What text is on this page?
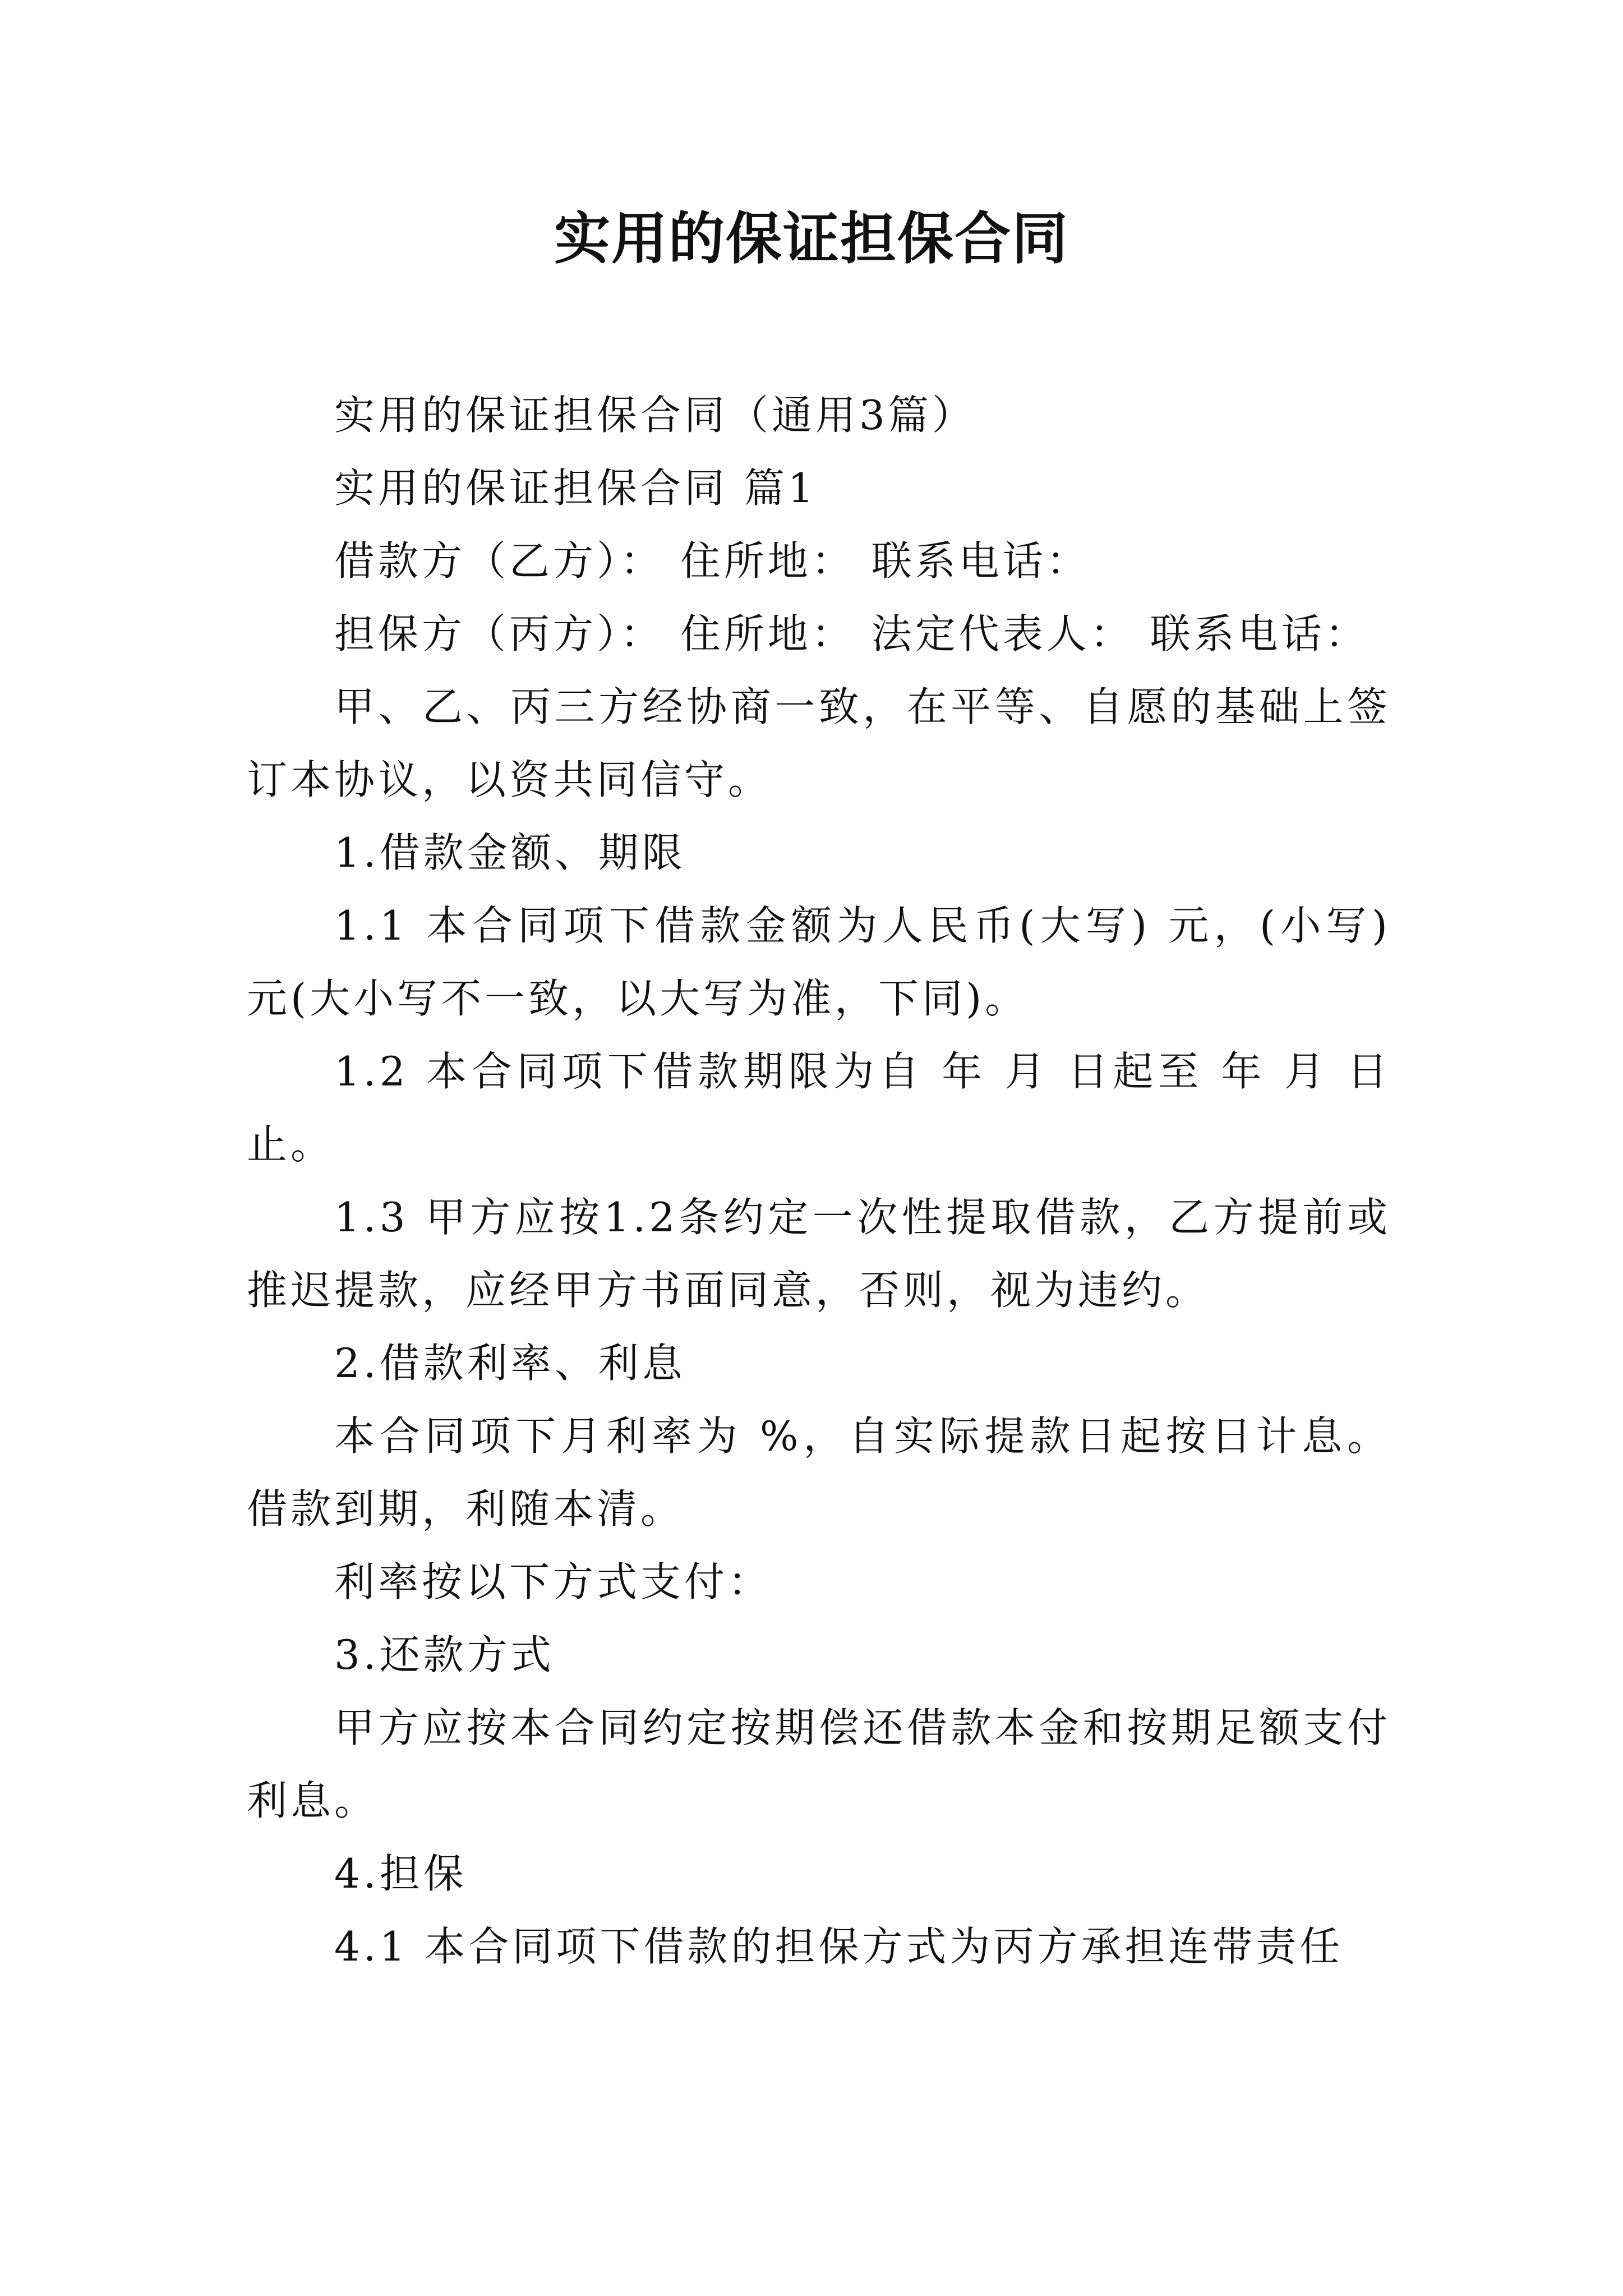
实用的保证担保合同

实用的保证担保合同（通用3篇）

实用的保证担保合同 篇1

借款方（乙方）： 住所地： 联系电话：

担保方（丙方）： 住所地： 法定代表人： 联系电话：

甲、乙、丙三方经协商一致，在平等、自愿的基础上签订本协议，以资共同信守。

1.借款金额、期限

1.1 本合同项下借款金额为人民币(大写) 元，(小写) 元(大小写不一致，以大写为准，下同)。

1.2 本合同项下借款期限为自 年 月 日起至 年 月 日止。

1.3 甲方应按1.2条约定一次性提取借款，乙方提前或推迟提款，应经甲方书面同意，否则，视为违约。

2.借款利率、利息

本合同项下月利率为 %，自实际提款日起按日计息。借款到期，利随本清。

利率按以下方式支付：

3.还款方式

甲方应按本合同约定按期偿还借款本金和按期足额支付利息。

4.担保

4.1 本合同项下借款的担保方式为丙方承担连带责任
